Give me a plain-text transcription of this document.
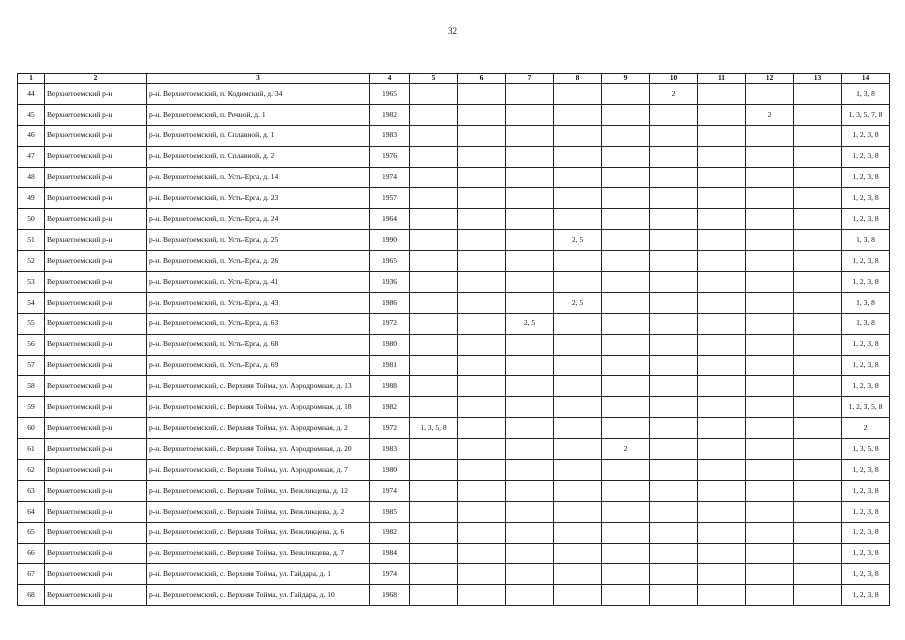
32
1	2	3	4	5	6	7	8	9	10	11	12	13	14
44	Верхнетоемский р-н	р-н. Верхнетоемский, п. Кодимский, д. 34	1965						2				1, 3, 8
45	Верхнетоемский р-н	р-н. Верхнетоемский, п. Речной, д. 1	1982								2		1, 3, 5, 7, 8
46	Верхнетоемский р-н	р-н. Верхнетоемский, п. Сплавной, д. 1	1983										1, 2, 3, 8
47	Верхнетоемский р-н	р-н. Верхнетоемский, п. Сплавной, д. 2	1976										1, 2, 3, 8
48	Верхнетоемский р-н	р-н. Верхнетоемский, п. Усть-Ерга, д. 14	1974										1, 2, 3, 8
49	Верхнетоемский р-н	р-н. Верхнетоемский, п. Усть-Ерга, д. 23	1957										1, 2, 3, 8
50	Верхнетоемский р-н	р-н. Верхнетоемский, п. Усть-Ерга, д. 24	1964										1, 2, 3, 8
51	Верхнетоемский р-н	р-н. Верхнетоемский, п. Усть-Ерга, д. 25	1990				2, 5						1, 3, 8
52	Верхнетоемский р-н	р-н. Верхнетоемский, п. Усть-Ерга, д. 26	1965										1, 2, 3, 8
53	Верхнетоемский р-н	р-н. Верхнетоемский, п. Усть-Ерга, д. 41	1936										1, 2, 3, 8
54	Верхнетоемский р-н	р-н. Верхнетоемский, п. Усть-Ерга, д. 43	1986				2, 5						1, 3, 8
55	Верхнетоемский р-н	р-н. Верхнетоемский, п. Усть-Ерга, д. 63	1972			2, 5							1, 3, 8
56	Верхнетоемский р-н	р-н. Верхнетоемский, п. Усть-Ерга, д. 68	1980										1, 2, 3, 8
57	Верхнетоемский р-н	р-н. Верхнетоемский, п. Усть-Ерга, д. 69	1981										1, 2, 3, 8
58	Верхнетоемский р-н	р-н. Верхнетоемский, с. Верхняя Тойма, ул. Аэродромная, д. 13	1988										1, 2, 3, 8
59	Верхнетоемский р-н	р-н. Верхнетоемский, с. Верхняя Тойма, ул. Аэродромная, д. 18	1982										1, 2, 3, 5, 8
60	Верхнетоемский р-н	р-н. Верхнетоемский, с. Верхняя Тойма, ул. Аэродромная, д. 2	1972	1, 3, 5, 8									2
61	Верхнетоемский р-н	р-н. Верхнетоемский, с. Верхняя Тойма, ул. Аэродромная, д. 20	1983					2					1, 3, 5, 8
62	Верхнетоемский р-н	р-н. Верхнетоемский, с. Верхняя Тойма, ул. Аэродромная, д. 7	1980										1, 2, 3, 8
63	Верхнетоемский р-н	р-н. Верхнетоемский, с. Верхняя Тойма, ул. Вежликцева, д. 12	1974										1, 2, 3, 8
64	Верхнетоемский р-н	р-н. Верхнетоемский, с. Верхняя Тойма, ул. Вежликцева, д. 2	1985										1, 2, 3, 8
65	Верхнетоемский р-н	р-н. Верхнетоемский, с. Верхняя Тойма, ул. Вежликцева, д. 6	1982										1, 2, 3, 8
66	Верхнетоемский р-н	р-н. Верхнетоемский, с. Верхняя Тойма, ул. Вежликцева, д. 7	1984										1, 2, 3, 8
67	Верхнетоемский р-н	р-н. Верхнетоемский, с. Верхняя Тойма, ул. Гайдара, д. 1	1974										1, 2, 3, 8
68	Верхнетоемский р-н	р-н. Верхнетоемский, с. Верхняя Тойма, ул. Гайдара, д. 10	1968										1, 2, 3, 8
